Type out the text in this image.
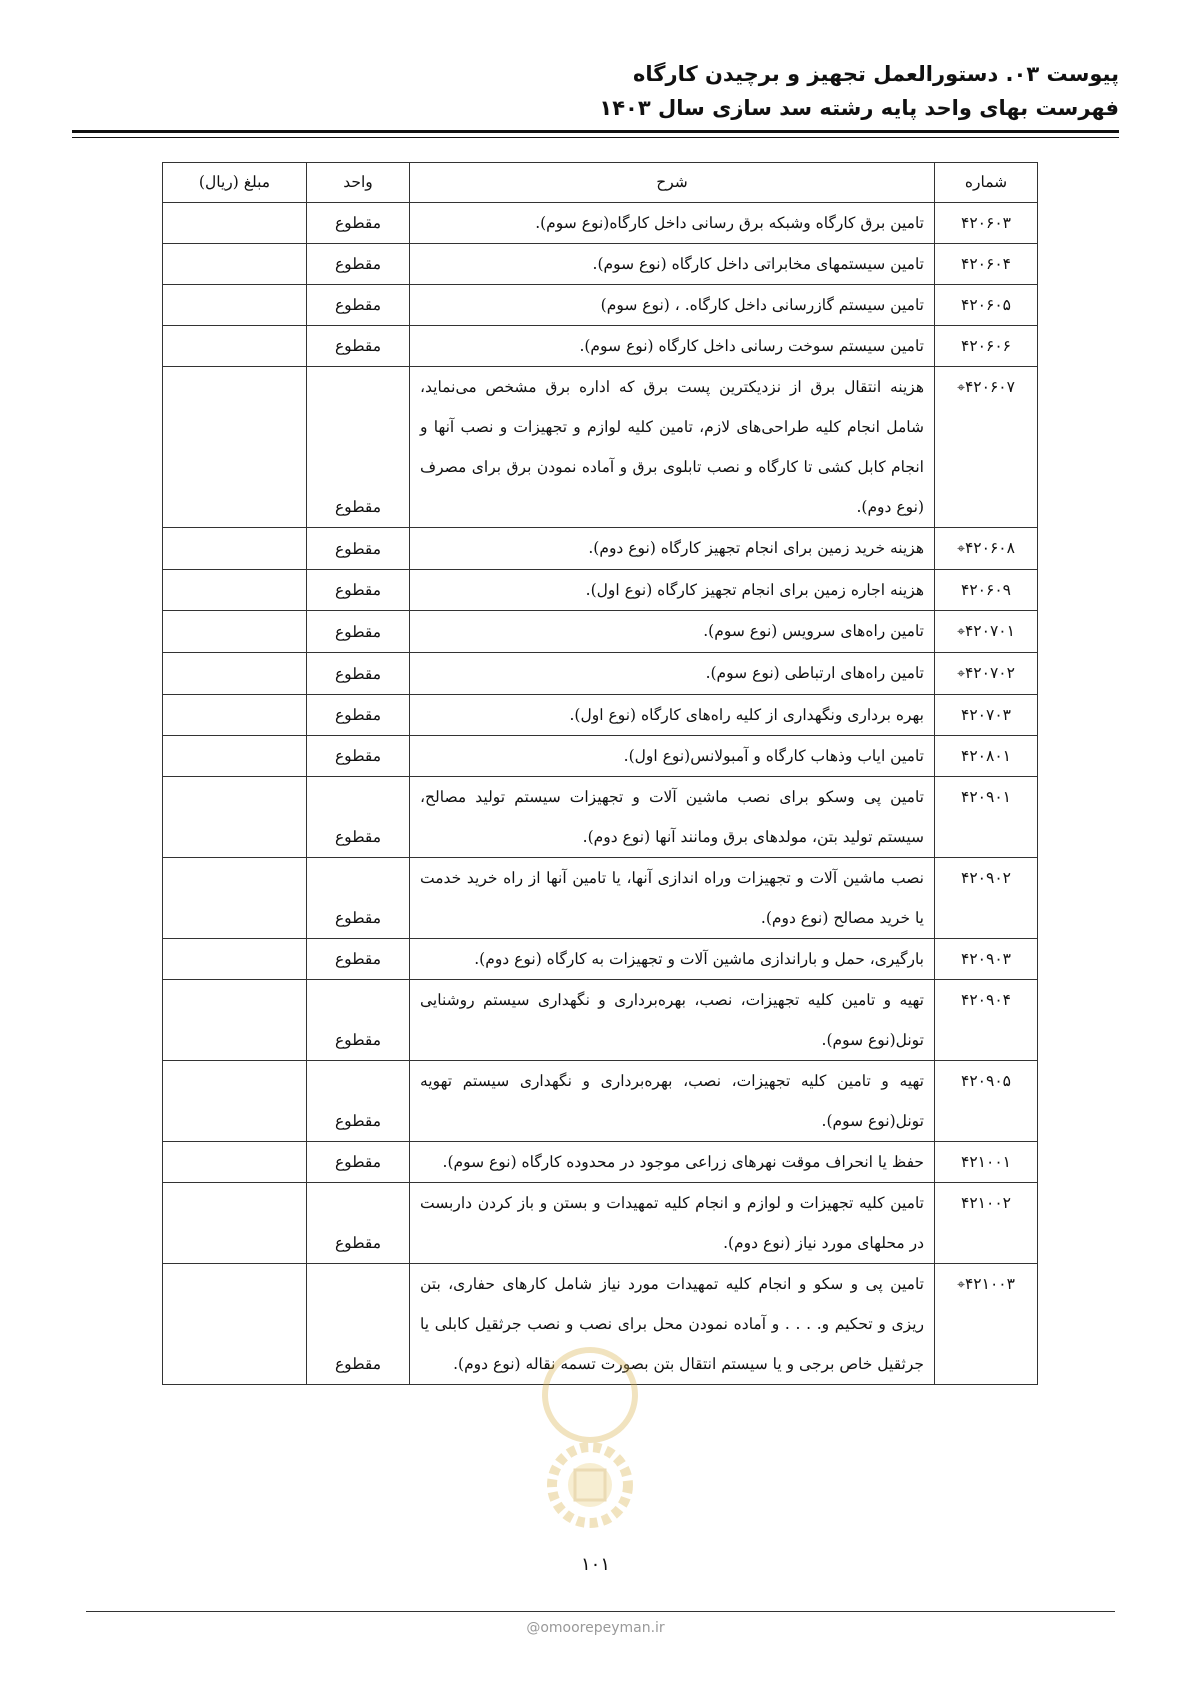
پیوست ۰۳. دستورالعمل تجهیز و برچیدن کارگاه
فهرست بهای واحد پایه رشته سد سازی سال ۱۴۰۳
شماره	شرح	واحد	مبلغ (ریال)
۴۲۰۶۰۳	تامین برق کارگاه وشبکه برق رسانی داخل کارگاه(نوع سوم).	مقطوع	
۴۲۰۶۰۴	تامین سیستمهای مخابراتی داخل کارگاه (نوع سوم).	مقطوع	
۴۲۰۶۰۵	تامین سیستم گازرسانی داخل کارگاه. ، (نوع سوم)	مقطوع	
۴۲۰۶۰۶	تامین سیستم سوخت رسانی داخل کارگاه (نوع سوم).	مقطوع	
۴۲۰۶۰۷⌖	هزینه انتقال برق از نزدیکترین پست برق که اداره برق مشخص می‌نماید، شامل انجام کلیه طراحی‌های لازم، تامین کلیه لوازم و تجهیزات و نصب آنها و انجام کابل کشی تا کارگاه و نصب تابلوی برق و آماده نمودن برق برای مصرف (نوع دوم).	مقطوع	
۴۲۰۶۰۸⌖	هزینه خرید زمین برای انجام تجهیز کارگاه (نوع دوم).	مقطوع	
۴۲۰۶۰۹	هزینه اجاره زمین برای انجام تجهیز کارگاه (نوع اول).	مقطوع	
۴۲۰۷۰۱⌖	تامین راه‌های سرویس (نوع سوم).	مقطوع	
۴۲۰۷۰۲⌖	تامین راه‌های ارتباطی (نوع سوم).	مقطوع	
۴۲۰۷۰۳	بهره برداری ونگهداری از کلیه راه‌های کارگاه (نوع اول).	مقطوع	
۴۲۰۸۰۱	تامین ایاب وذهاب کارگاه و آمبولانس(نوع اول).	مقطوع	
۴۲۰۹۰۱	تامین پی وسکو برای نصب ماشین آلات و تجهیزات سیستم تولید مصالح، سیستم تولید بتن، مولدهای برق ومانند آنها (نوع دوم).	مقطوع	
۴۲۰۹۰۲	نصب ماشین آلات و تجهیزات وراه اندازی آنها، یا تامین آنها از راه خرید خدمت یا خرید مصالح (نوع دوم).	مقطوع	
۴۲۰۹۰۳	بارگیری، حمل و باراندازی ماشین آلات و تجهیزات به کارگاه (نوع دوم).	مقطوع	
۴۲۰۹۰۴	تهیه و تامین کلیه تجهیزات، نصب، بهره‌برداری و نگهداری سیستم روشنایی تونل(نوع سوم).	مقطوع	
۴۲۰۹۰۵	تهیه و تامین کلیه تجهیزات، نصب، بهره‌برداری و نگهداری سیستم تهویه تونل(نوع سوم).	مقطوع	
۴۲۱۰۰۱	حفظ یا انحراف موقت نهرهای زراعی موجود در محدوده کارگاه (نوع سوم).	مقطوع	
۴۲۱۰۰۲	تامین کلیه تجهیزات و لوازم و انجام کلیه تمهیدات و بستن و باز کردن داربست در محلهای مورد نیاز (نوع دوم).	مقطوع	
۴۲۱۰۰۳⌖	تامین پی و سکو و انجام کلیه تمهیدات مورد نیاز شامل کارهای حفاری، بتن ریزی و تحکیم و. . . . و آماده نمودن محل برای نصب و نصب جرثقیل کابلی یا جرثقیل خاص برجی و یا سیستم انتقال بتن بصورت تسمه نقاله (نوع دوم).	مقطوع	
۱۰۱
@omoorepeyman.ir
